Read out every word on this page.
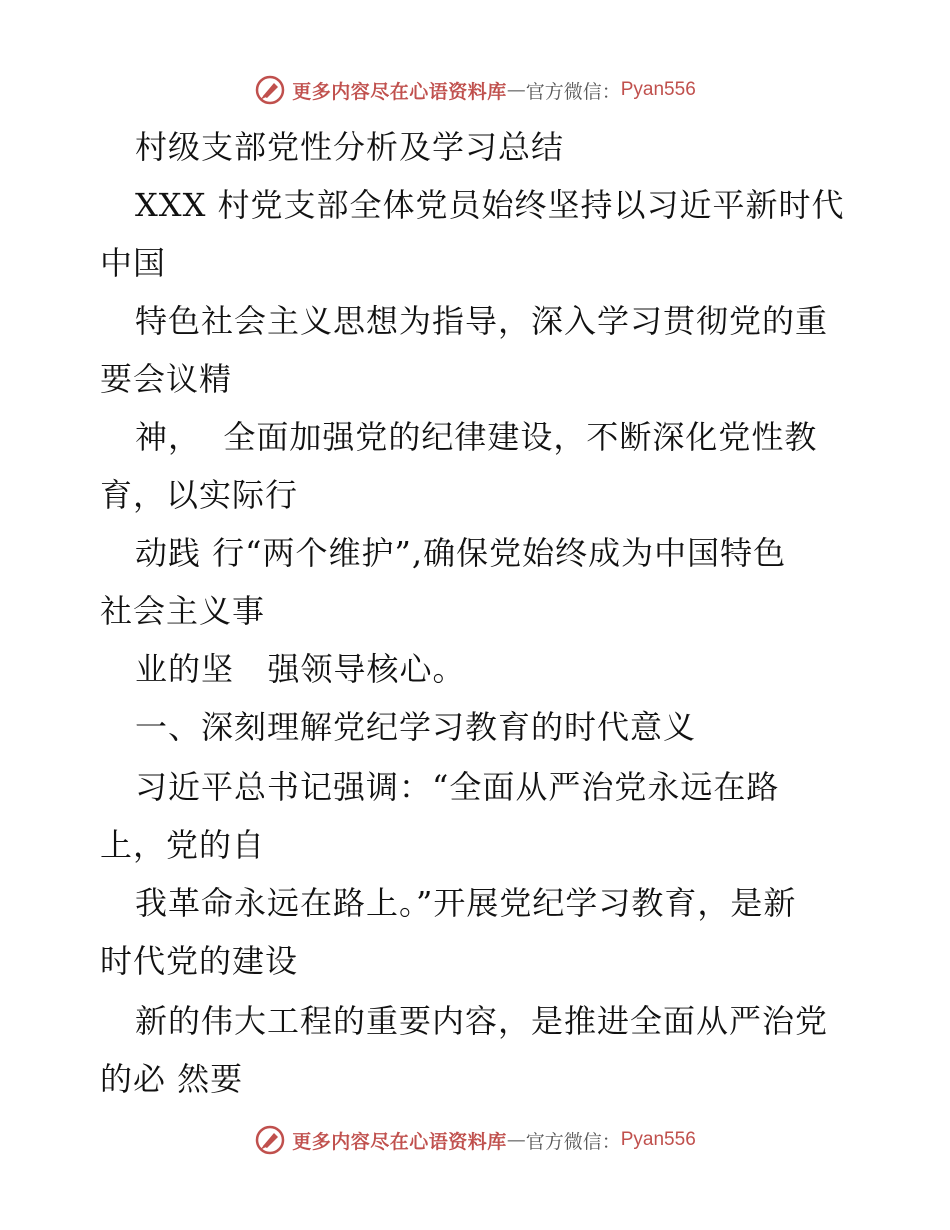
更多内容尽在心语资料库 — 官方微信： Pyan556
村级支部党性分析及学习总结
XXX 村党支部全体党员始终坚持以习近平新时代
中国
特色社会主义思想为指导，深入学习贯彻党的重
要会议精
神，  全面加强党的纪律建设，不断深化党性教
育，以实际行
动践 行“两个维护”,确保党始终成为中国特色
社会主义事
业的坚   强领导核心。
一、深刻理解党纪学习教育的时代意义
习近平总书记强调：“全面从严治党永远在路
上，党的自
我革命永远在路上。”开展党纪学习教育，是新
时代党的建设
新的伟大工程的重要内容，是推进全面从严治党
的必 然要
更多内容尽在心语资料库 — 官方微信： Pyan556
